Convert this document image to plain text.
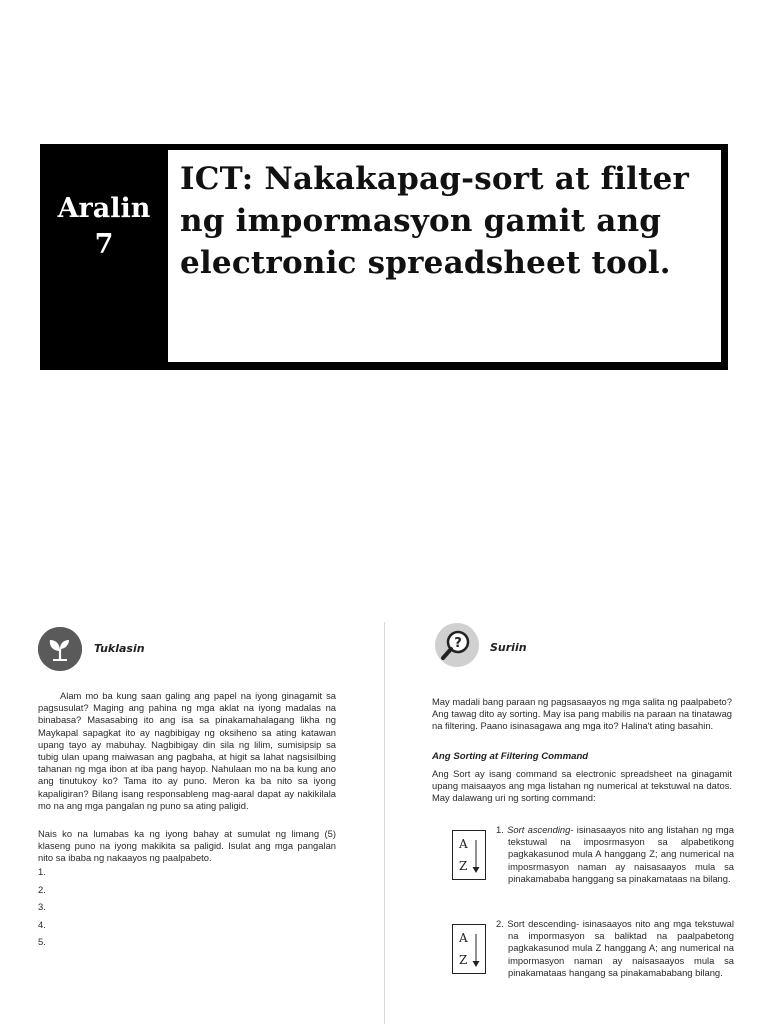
Aralin
7
ICT: Nakakapag-sort at filter ng impormasyon gamit ang electronic spreadsheet tool.
Tuklasin

Alam mo ba kung saan galing ang papel na iyong ginagamit sa pagsusulat? Maging ang pahina ng mga aklat na iyong madalas na binabasa? Masasabing ito ang isa sa pinakamahalagang likha ng Maykapal sapagkat ito ay nagbibigay ng oksiheno sa ating katawan upang tayo ay mabuhay. Nagbibigay din sila ng lilim, sumisipsip sa tubig ulan upang maiwasan ang pagbaha, at higit sa lahat nagsisilbing tahanan ng mga ibon at iba pang hayop. Nahulaan mo na ba kung ano ang tinutukoy ko? Tama ito ay puno. Meron ka ba nito sa iyong kapaligiran? Bilang isang responsableng mag-aaral dapat ay nakikilala mo na ang mga pangalan ng puno sa ating paligid.

Nais ko na lumabas ka ng iyong bahay at sumulat ng limang (5) klaseng puno na iyong makikita sa paligid. Isulat ang mga pangalan nito sa ibaba ng nakaayos ng paalpabeto.

1.
2.
3.
4.
5.
?	Suriin

May madali bang paraan ng pagsasaayos ng mga salita ng paalpabeto? Ang tawag dito ay sorting. May isa pang mabilis na paraan na tinatawag na filtering. Paano isinasagawa ang mga ito? Halina't ating basahin.

Ang Sorting at Filtering Command

Ang Sort ay isang command sa electronic spreadsheet na ginagamit upang maisaayos ang mga listahan ng numerical at tekstuwal na datos. May dalawang uri ng sorting command:

A
Z
1. Sort ascending- isinasaayos nito ang listahan ng mga tekstuwal na imposrmasyon sa alpabetikong pagkakasunod mula A hanggang Z; ang numerical na imposrmasyon naman ay naisasaayos mula sa pinakamababa hanggang sa pinakamataas na bilang.
A
Z
2. Sort descending- isinasaayos nito ang mga tekstuwal na impormasyon sa baliktad na paalpabetong pagkakasunod mula Z hanggang A; ang numerical na impormasyon naman ay naisasaayos mula sa pinakamataas hangang sa pinakamababang bilang.
